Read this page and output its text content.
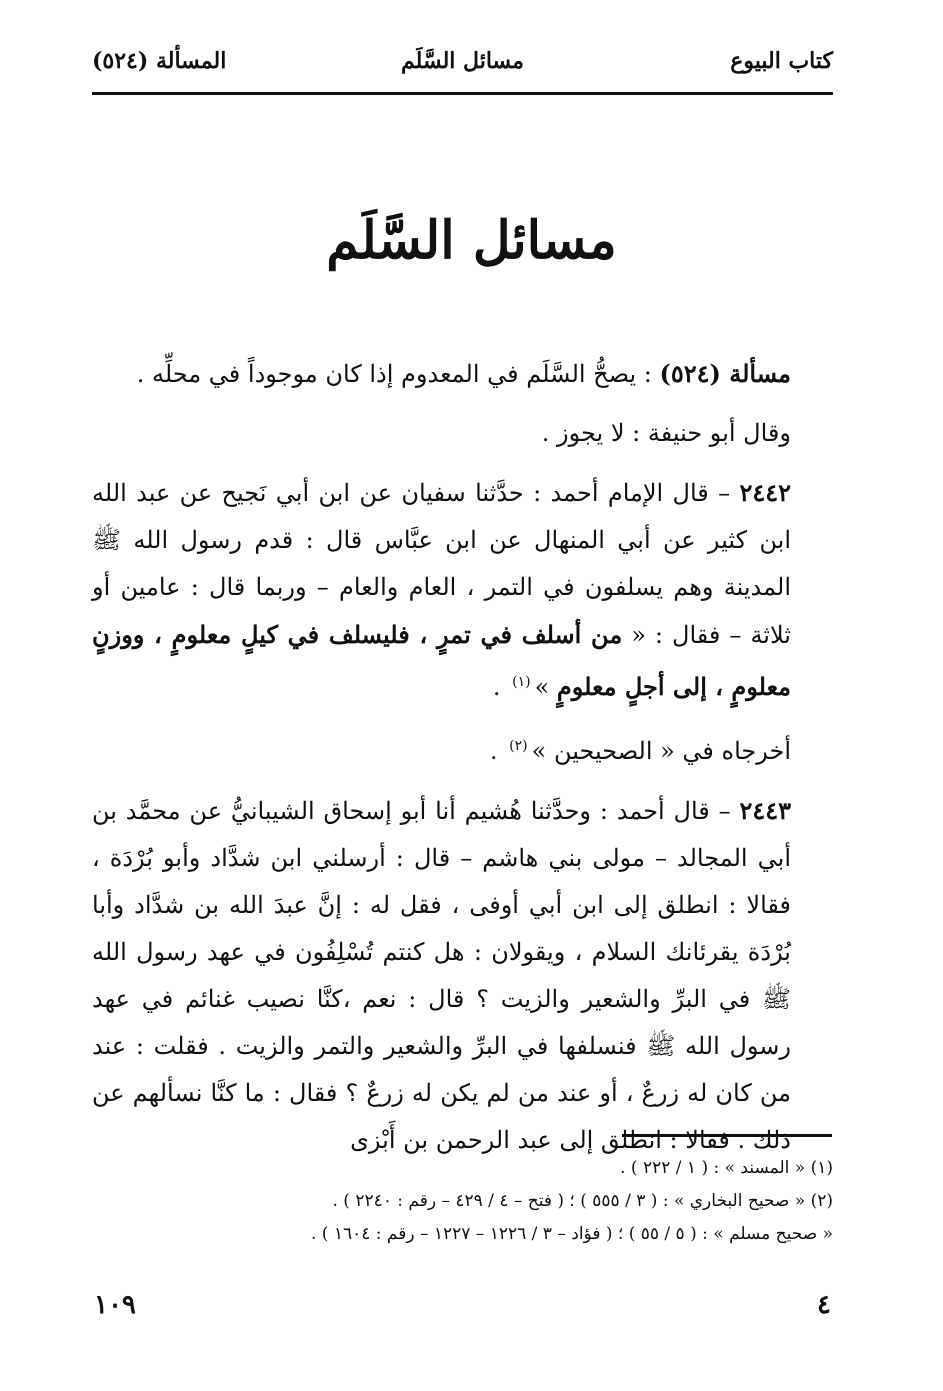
كتاب البيوع
مسائل السَّلَم
المسألة (٥٢٤)
مسائل السَّلَم

مسألة (٥٢٤) : يصحُّ السَّلَم في المعدوم إذا كان موجوداً في محلِّه .

وقال أبو حنيفة : لا يجوز .

٢٤٤٢ – قال الإمام أحمد : حدَّثنا سفيان عن ابن أبي نَجيح عن عبد الله ابن كثير عن أبي المنهال عن ابن عبَّاس قال : قدم رسول الله ﷺ المدينة وهم يسلفون في التمر ، العام والعام – وربما قال : عامين أو ثلاثة – فقال : « من أسلف في تمرٍ ، فليسلف في كيلٍ معلومٍ ، ووزنٍ معلومٍ ، إلى أجلٍ معلومٍ »$^{(١)}$ .

أخرجاه في « الصحيحين »$^{(٢)}$ .

٢٤٤٣ – قال أحمد : وحدَّثنا هُشيم أنا أبو إسحاق الشيبانيُّ عن محمَّد بن أبي المجالد – مولى بني هاشم – قال : أرسلني ابن شدَّاد وأبو بُرْدَة ، فقالا : انطلق إلى ابن أبي أوفى ، فقل له : إنَّ عبدَ الله بن شدَّاد وأبا بُرْدَة يقرئانك السلام ، ويقولان : هل كنتم تُسْلِفُون في عهد رسول الله ﷺ في البرِّ والشعير والزيت ؟ قال : نعم ،كنَّا نصيب غنائم في عهد رسول الله ﷺ فنسلفها في البرِّ والشعير والتمر والزيت . فقلت : عند من كان له زرعٌ ، أو عند من لم يكن له زرعٌ ؟ فقال : ما كنَّا نسألهم عن ذلك . فقالا : انطلق إلى عبد الرحمن بن أَبْزى

(١) « المسند » : ( ١ / ٢٢٢ ) .
(٢) « صحيح البخاري » : ( ٣ / ٥٥٥ ) ؛ ( فتح – ٤ / ٤٢٩ – رقم : ٢٢٤٠ ) .
« صحيح مسلم » : ( ٥ / ٥٥ ) ؛ ( فؤاد – ٣ / ١٢٢٦ – ١٢٢٧ – رقم : ١٦٠٤ ) .
٤
١٠٩
